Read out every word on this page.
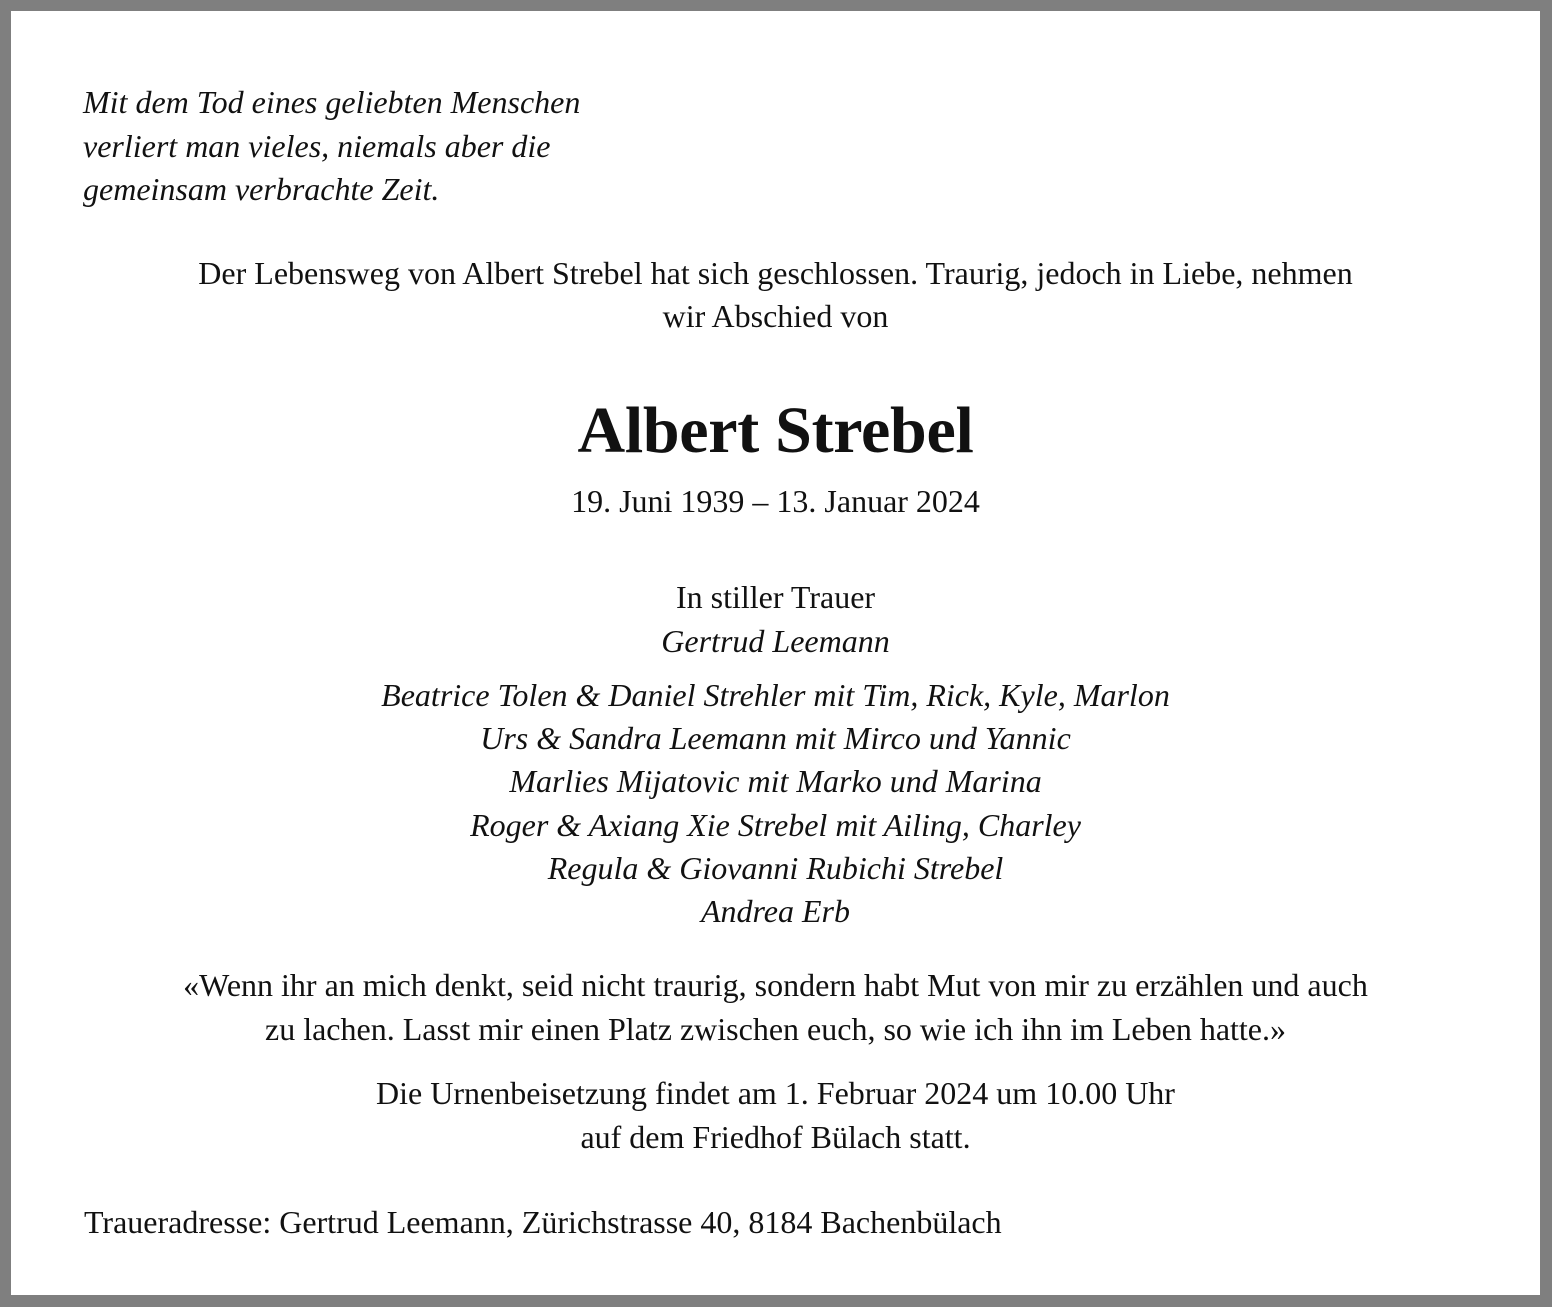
Mit dem Tod eines geliebten Menschen
verliert man vieles, niemals aber die
gemeinsam verbrachte Zeit.
Der Lebensweg von Albert Strebel hat sich geschlossen. Traurig, jedoch in Liebe, nehmen
wir Abschied von
Albert Strebel
19. Juni 1939 – 13. Januar 2024
In stiller Trauer
Gertrud Leemann
Beatrice Tolen & Daniel Strehler mit Tim, Rick, Kyle, Marlon
Urs & Sandra Leemann mit Mirco und Yannic
Marlies Mijatovic mit Marko und Marina
Roger & Axiang Xie Strebel mit Ailing, Charley
Regula & Giovanni Rubichi Strebel
Andrea Erb
«Wenn ihr an mich denkt, seid nicht traurig, sondern habt Mut von mir zu erzählen und auch
zu lachen. Lasst mir einen Platz zwischen euch, so wie ich ihn im Leben hatte.»
Die Urnenbeisetzung findet am 1. Februar 2024 um 10.00 Uhr
auf dem Friedhof Bülach statt.
Traueradresse: Gertrud Leemann, Zürichstrasse 40, 8184 Bachenbülach
